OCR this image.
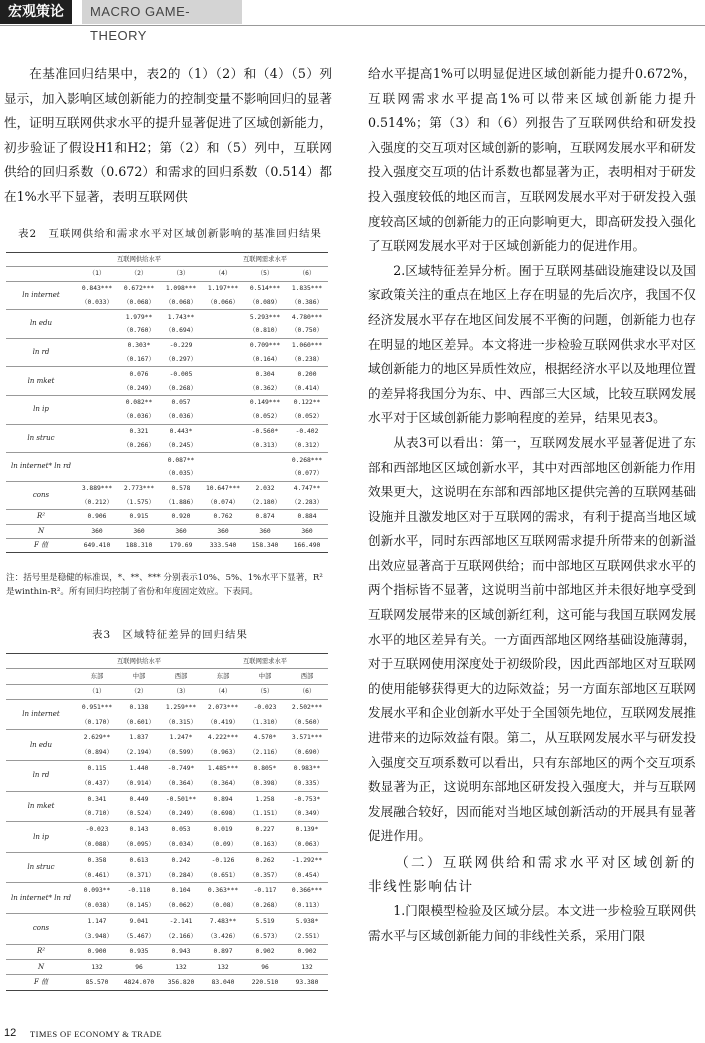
宏观策论	MACRO GAME-THEORY

在基准回归结果中，表2的（1）（2）和（4）（5）列显示，加入影响区域创新能力的控制变量不影响回归的显著性，证明互联网供求水平的提升显著促进了区域创新能力，初步验证了假设H1和H2；第（2）和（5）列中，互联网供给的回归系数（0.672）和需求的回归系数（0.514）都在1%水平下显著，表明互联网供

表2　互联网供给和需求水平对区域创新影响的基准回归结果
	互联网供给水平			互联网需求水平		
	（1）	（2）	（3）	（4）	（5）	（6）
ln internet	0.843***	0.672***	1.098***	1.197***	0.514***	1.835***
	（0.033）	（0.068）	（0.068）	（0.066）	（0.089）	（0.386）
ln edu		1.979**	1.743**		5.293***	4.780***
		（0.760）	（0.694）		（0.810）	（0.750）
ln rd		0.303*	-0.229		0.709***	1.060***
		（0.167）	（0.297）		（0.164）	（0.238）
ln mket		0.076	-0.005		0.304	0.200
		（0.249）	（0.268）		（0.362）	（0.414）
ln ip		0.082**	0.057		0.149***	0.122**
		（0.036）	（0.036）		（0.052）	（0.052）
ln struc		0.321	0.443*		-0.560*	-0.402
		（0.266）	（0.245）		（0.313）	（0.312）
ln internet* ln rd			0.087**			0.268***
			（0.035）			（0.077）
cons	3.889***	2.773***	0.578	10.647***	2.032	4.747**
	（0.212）	（1.575）	（1.886）	（0.074）	（2.180）	（2.283）
R²	0.906	0.915	0.920	0.762	0.874	0.884
N	360	360	360	360	360	360
F 值	649.410	188.310	179.69	333.540	158.340	166.490
注：括号里是稳健的标准误，*、**、*** 分别表示10%、5%、1%水平下显著，R²是winthin-R²。所有回归均控制了省份和年度固定效应。下表同。
表3　区域特征差异的回归结果
	互联网供给水平			互联网需求水平		
	东部	中部	西部	东部	中部	西部
	（1）	（2）	（3）	（4）	（5）	（6）
ln internet	0.951***	0.138	1.259***	2.073***	-0.023	2.502***
	（0.170）	（0.601）	（0.315）	（0.419）	（1.310）	（0.560）
ln edu	2.629**	1.837	1.247*	4.222***	4.570*	3.571***
	（0.894）	（2.194）	（0.599）	（0.963）	（2.116）	（0.690）
ln rd	0.115	1.440	-0.749*	1.485***	0.805*	0.983**
	（0.437）	（0.914）	（0.364）	（0.364）	（0.398）	（0.335）
ln mket	0.341	0.449	-0.501**	0.894	1.258	-0.753*
	（0.710）	（0.524）	（0.249）	（0.698）	（1.151）	（0.349）
ln ip	-0.023	0.143	0.053	0.019	0.227	0.139*
	（0.088）	（0.095）	（0.034）	（0.09）	（0.163）	（0.063）
ln struc	0.358	0.613	0.242	-0.126	0.262	-1.292**
	（0.461）	（0.371）	（0.284）	（0.651）	（0.357）	（0.454）
ln internet* ln rd	0.093**	-0.110	0.104	0.363***	-0.117	0.366***
	（0.038）	（0.145）	（0.062）	（0.08）	（0.268）	（0.113）
cons	1.147	9.041	-2.141	7.483**	5.519	5.938*
	（3.948）	（5.467）	（2.166）	（3.426）	（6.573）	（2.551）
R²	0.900	0.935	0.943	0.897	0.902	0.902
N	132	96	132	132	96	132
F 值	85.570	4824.070	356.820	83.040	220.510	93.380

给水平提高1%可以明显促进区域创新能力提升0.672%，互联网需求水平提高1%可以带来区域创新能力提升0.514%；第（3）和（6）列报告了互联网供给和研发投入强度的交互项对区域创新的影响，互联网发展水平和研发投入强度交互项的估计系数也都显著为正，表明相对于研发投入强度较低的地区而言，互联网发展水平对于研发投入强度较高区域的创新能力的正向影响更大，即高研发投入强化了互联网发展水平对于区域创新能力的促进作用。

2.区域特征差异分析。囿于互联网基础设施建设以及国家政策关注的重点在地区上存在明显的先后次序，我国不仅经济发展水平存在地区间发展不平衡的问题，创新能力也存在明显的地区差异。本文将进一步检验互联网供求水平对区域创新能力的地区异质性效应，根据经济水平以及地理位置的差异将我国分为东、中、西部三大区域，比较互联网发展水平对于区域创新能力影响程度的差异，结果见表3。

从表3可以看出：第一，互联网发展水平显著促进了东部和西部地区区域创新水平，其中对西部地区创新能力作用效果更大，这说明在东部和西部地区提供完善的互联网基础设施并且激发地区对于互联网的需求，有利于提高当地区域创新水平，同时东西部地区互联网需求提升所带来的创新溢出效应显著高于互联网供给；而中部地区互联网供求水平的两个指标皆不显著，这说明当前中部地区并未很好地享受到互联网发展带来的区域创新红利，这可能与我国互联网发展水平的地区差异有关。一方面西部地区网络基础设施薄弱，对于互联网使用深度处于初级阶段，因此西部地区对互联网的使用能够获得更大的边际效益；另一方面东部地区互联网发展水平和企业创新水平处于全国领先地位，互联网发展推进带来的边际效益有限。第二，从互联网发展水平与研发投入强度交互项系数可以看出，只有东部地区的两个交互项系数显著为正，这说明东部地区研发投入强度大，并与互联网发展融合较好，因而能对当地区域创新活动的开展具有显著促进作用。

（二）互联网供给和需求水平对区域创新的非线性影响估计

1.门限模型检验及区域分层。本文进一步检验互联网供需水平与区域创新能力间的非线性关系，采用门限

12 TIMES OF ECONOMY & TRADE
